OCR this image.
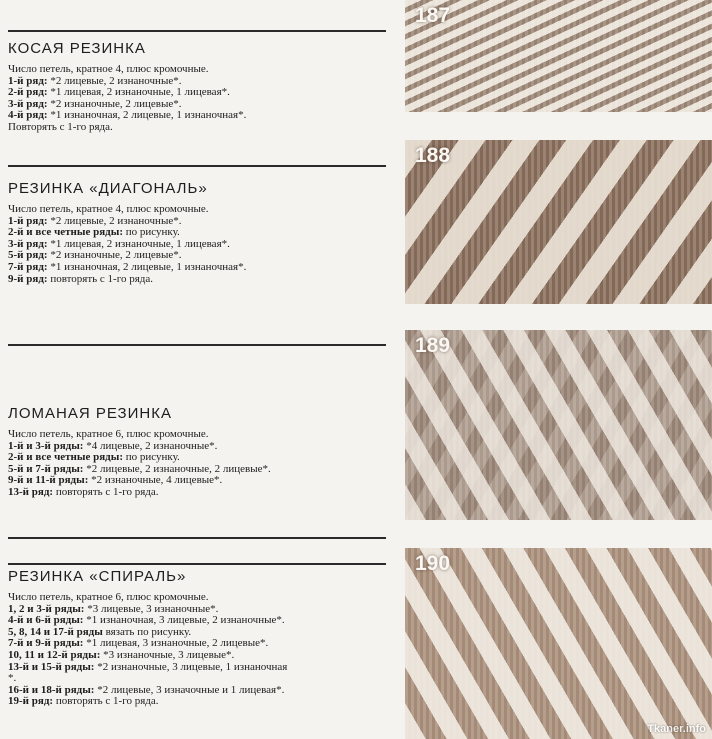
КОСАЯ РЕЗИНКА
Число петель, кратное 4, плюс кромочные.
1-й ряд: *2 лицевые, 2 изнаночные*.
2-й ряд: *1 лицевая, 2 изнаночные, 1 лицевая*.
3-й ряд: *2 изнаночные, 2 лицевые*.
4-й ряд: *1 изнаночная, 2 лицевые, 1 изнаночная*.
Повторять с 1-го ряда.
РЕЗИНКА «ДИАГОНАЛЬ»
Число петель, кратное 4, плюс кромочные.
1-й ряд: *2 лицевые, 2 изнаночные*.
2-й и все четные ряды: по рисунку.
3-й ряд: *1 лицевая, 2 изнаночные, 1 лицевая*.
5-й ряд: *2 изнаночные, 2 лицевые*.
7-й ряд: *1 изнаночная, 2 лицевые, 1 изнаночная*.
9-й ряд: повторять с 1-го ряда.
ЛОМАНАЯ РЕЗИНКА
Число петель, кратное 6, плюс кромочные.
1-й и 3-й ряды: *4 лицевые, 2 изнаночные*.
2-й и все четные ряды: по рисунку.
5-й и 7-й ряды: *2 лицевые, 2 изнаночные, 2 лицевые*.
9-й и 11-й ряды: *2 изнаночные, 4 лицевые*.
13-й ряд: повторять с 1-го ряда.
РЕЗИНКА «СПИРАЛЬ»
Число петель, кратное 6, плюс кромочные.
1, 2 и 3-й ряды: *3 лицевые, 3 изнаночные*.
4-й и 6-й ряды: *1 изнаночная, 3 лицевые, 2 изнаночные*.
5, 8, 14 и 17-й ряды вязать по рисунку.
7-й и 9-й ряды: *1 лицевая, 3 изнаночные, 2 лицевые*.
10, 11 и 12-й ряды: *3 изнаночные, 3 лицевые*.
13-й и 15-й ряды: *2 изнаночные, 3 лицевые, 1 изнаночная
*.
16-й и 18-й ряды: *2 лицевые, 3 изначочные и 1 лицевая*.
19-й ряд: повторять с 1-го ряда.
187
188
189
190
Tkaner.info
